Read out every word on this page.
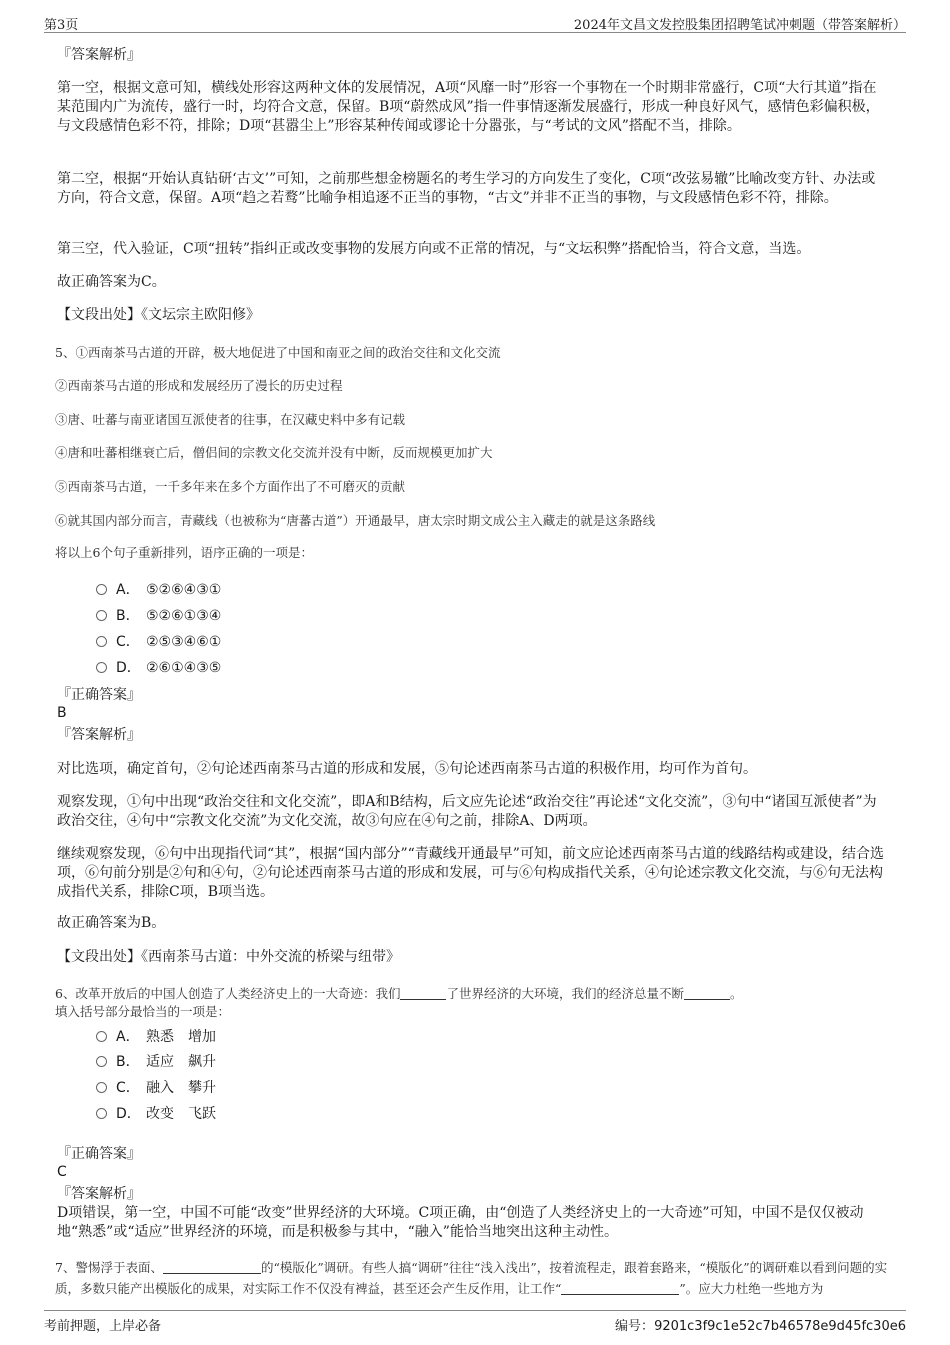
第3页	2024年文昌文发控股集团招聘笔试冲刺题（带答案解析）
『答案解析』
第一空，根据文意可知，横线处形容这两种文体的发展情况，A项“风靡一时”形容一个事物在一个时期非常盛行，C项“大行其道”指在某范围内广为流传，盛行一时，均符合文意，保留。B项“蔚然成风”指一件事情逐渐发展盛行，形成一种良好风气，感情色彩偏积极，与文段感情色彩不符，排除；D项“甚嚣尘上”形容某种传闻或谬论十分嚣张，与“考试的文风”搭配不当，排除。
第二空，根据“开始认真钻研‘古文’”可知，之前那些想金榜题名的考生学习的方向发生了变化，C项“改弦易辙”比喻改变方针、办法或方向，符合文意，保留。A项“趋之若鹜”比喻争相追逐不正当的事物，“古文”并非不正当的事物，与文段感情色彩不符，排除。
第三空，代入验证，C项“扭转”指纠正或改变事物的发展方向或不正常的情况，与“文坛积弊”搭配恰当，符合文意，当选。
故正确答案为C。
【文段出处】《文坛宗主欧阳修》
5、①西南茶马古道的开辟，极大地促进了中国和南亚之间的政治交往和文化交流
②西南茶马古道的形成和发展经历了漫长的历史过程
③唐、吐蕃与南亚诸国互派使者的往事，在汉藏史料中多有记载
④唐和吐蕃相继衰亡后，僧侣间的宗教文化交流并没有中断，反而规模更加扩大
⑤西南茶马古道，一千多年来在多个方面作出了不可磨灭的贡献
⑥就其国内部分而言，青藏线（也被称为“唐蕃古道”）开通最早，唐太宗时期文成公主入藏走的就是这条路线
将以上6个句子重新排列，语序正确的一项是：
A． ⑤②⑥④③①
B． ⑤②⑥①③④
C． ②⑤③④⑥①
D． ②⑥①④③⑤
『正确答案』
B
『答案解析』
对比选项，确定首句，②句论述西南茶马古道的形成和发展，⑤句论述西南茶马古道的积极作用，均可作为首句。
观察发现，①句中出现“政治交往和文化交流”，即A和B结构，后文应先论述“政治交往”再论述“文化交流”，③句中“诸国互派使者”为政治交往，④句中“宗教文化交流”为文化交流，故③句应在④句之前，排除A、D两项。
继续观察发现，⑥句中出现指代词“其”，根据“国内部分”“青藏线开通最早”可知，前文应论述西南茶马古道的线路结构或建设，结合选项，⑥句前分别是②句和④句，②句论述西南茶马古道的形成和发展，可与⑥句构成指代关系，④句论述宗教文化交流，与⑥句无法构成指代关系，排除C项，B项当选。
故正确答案为B。
【文段出处】《西南茶马古道：中外交流的桥梁与纽带》
6、改革开放后的中国人创造了人类经济史上的一大奇迹：我们	了世界经济的大环境，我们的经济总量不断	。
填入括号部分最恰当的一项是：
A． 熟悉　增加
B． 适应　飙升
C． 融入　攀升
D． 改变　飞跃
『正确答案』
C
『答案解析』
D项错误，第一空，中国不可能“改变”世界经济的大环境。C项正确，由“创造了人类经济史上的一大奇迹”可知，中国不是仅仅被动地“熟悉”或“适应”世界经济的环境，而是积极参与其中，“融入”能恰当地突出这种主动性。
7、警惕浮于表面、	的“模版化”调研。有些人搞“调研”往往“浅入浅出”，按着流程走，跟着套路来，“模版化”的调研难以看到问题的实质，多数只能产出模版化的成果，对实际工作不仅没有裨益，甚至还会产生反作用，让工作“	”。应大力杜绝一些地方为
考前押题，上岸必备	编号：9201c3f9c1e52c7b46578e9d45fc30e6
